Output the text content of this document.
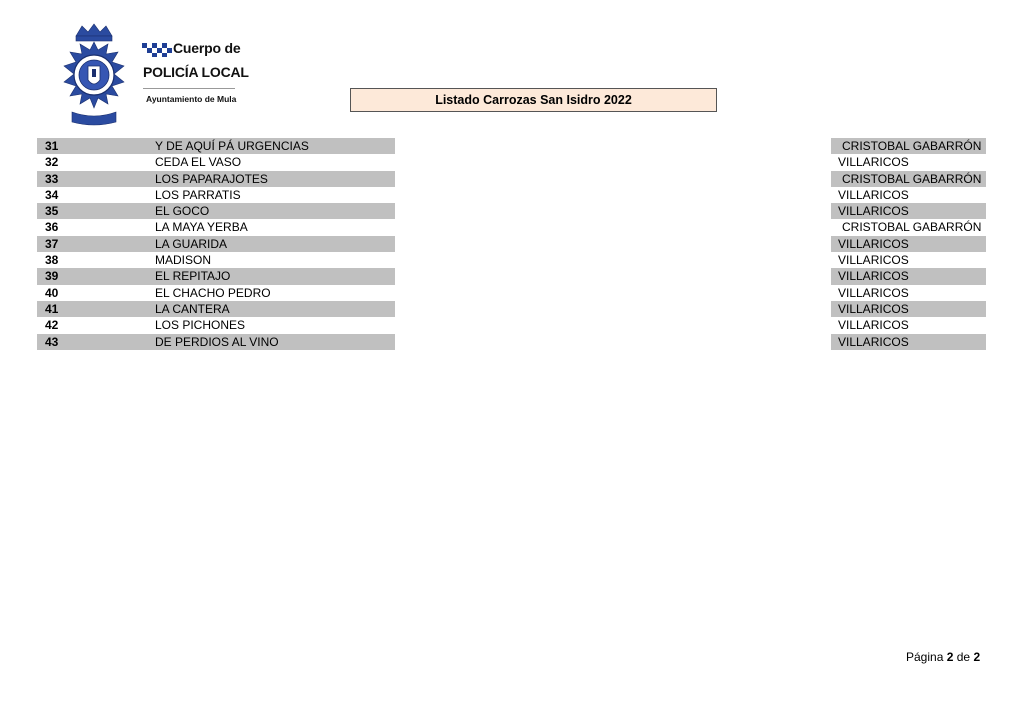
Cuerpo de
POLICÍA LOCAL
Ayuntamiento de Mula	Listado Carrozas San Isidro 2022
31	Y DE AQUÍ PÁ URGENCIAS	CRISTOBAL GABARRÓN
32	CEDA EL VASO	VILLARICOS
33	LOS PAPARAJOTES	CRISTOBAL GABARRÓN
34	LOS PARRATIS	VILLARICOS
35	EL GOCO	VILLARICOS
36	LA MAYA YERBA	CRISTOBAL GABARRÓN
37	LA GUARIDA	VILLARICOS
38	MADISON	VILLARICOS
39	EL REPITAJO	VILLARICOS
40	EL CHACHO PEDRO	VILLARICOS
41	LA CANTERA	VILLARICOS
42	LOS PICHONES	VILLARICOS
43	DE PERDIOS AL VINO	VILLARICOS
Página 2 de 2
